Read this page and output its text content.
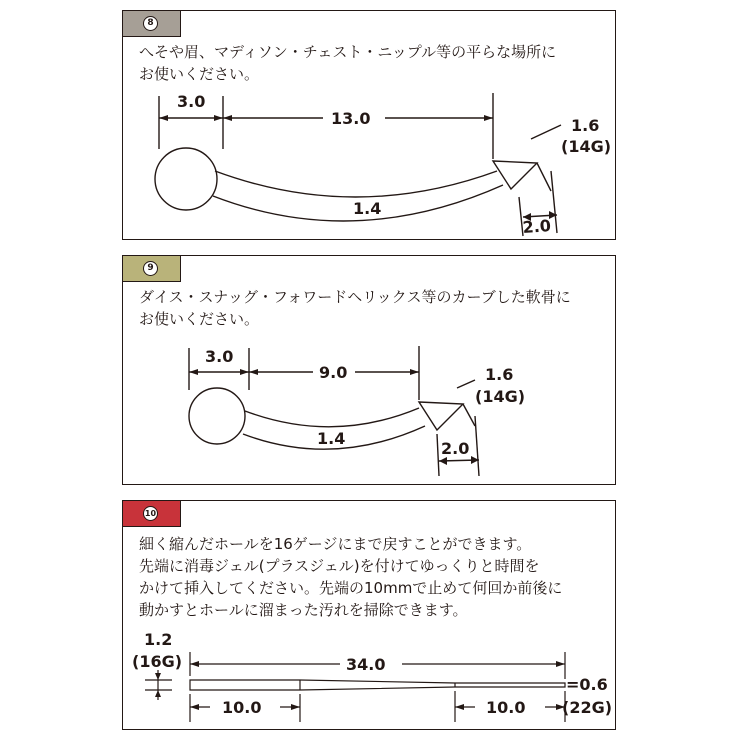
8
へそや眉、マディソン・チェスト・ニップル等の平らな場所に
お使いください。
3.0
13.0
1.4
1.6
(14G)
2.0
9
ダイス・スナッグ・フォワードヘリックス等のカーブした軟骨に
お使いください。
3.0
9.0
1.4
1.6
(14G)
2.0
10
細く縮んだホールを16ゲージにまで戻すことができます。
先端に消毒ジェル(プラスジェル)を付けてゆっくりと時間を
かけて挿入してください。先端の10mmで止めて何回か前後に
動かすとホールに溜まった汚れを掃除できます。
1.2
(16G)	34.0
10.0	10.0
=0.6
(22G)
